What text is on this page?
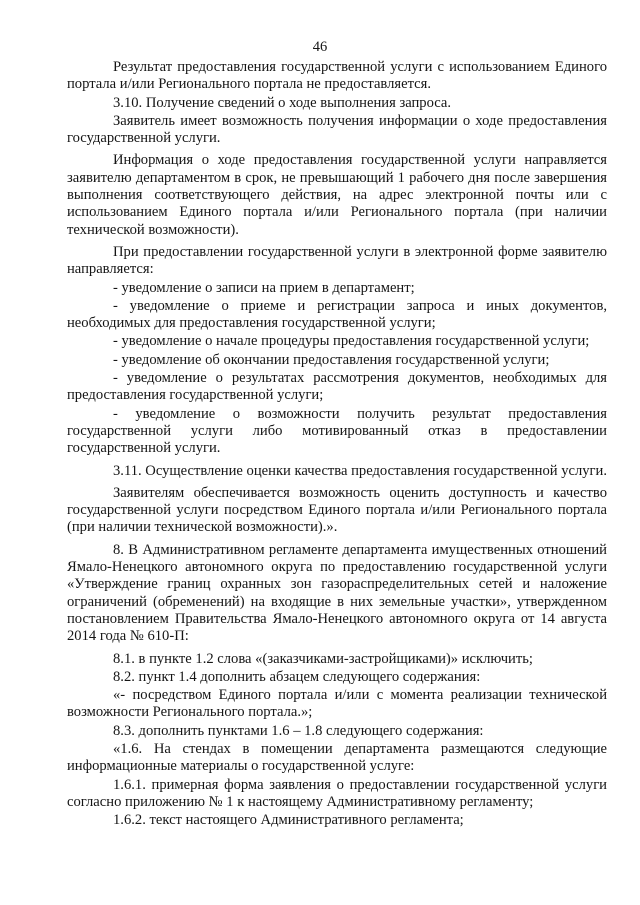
46

Результат предоставления государственной услуги с использованием Единого портала и/или Регионального портала не предоставляется.

3.10. Получение сведений о ходе выполнения запроса.

Заявитель имеет возможность получения информации о ходе предоставления государственной услуги.

Информация о ходе предоставления государственной услуги направляется заявителю департаментом в срок, не превышающий 1 рабочего дня после завершения выполнения соответствующего действия, на адрес электронной почты или с использованием Единого портала и/или Регионального портала (при наличии технической возможности).

При предоставлении государственной услуги в электронной форме заявителю направляется:

- уведомление о записи на прием в департамент;

- уведомление о приеме и регистрации запроса и иных документов, необходимых для предоставления государственной услуги;

- уведомление о начале процедуры предоставления государственной услуги;

- уведомление об окончании предоставления государственной услуги;

- уведомление о результатах рассмотрения документов, необходимых для предоставления государственной услуги;

- уведомление о возможности получить результат предоставления государственной услуги либо мотивированный отказ в предоставлении государственной услуги.

3.11. Осуществление оценки качества предоставления государственной услуги.

Заявителям обеспечивается возможность оценить доступность и качество государственной услуги посредством Единого портала и/или Регионального портала (при наличии технической возможности).».

8. В Административном регламенте департамента имущественных отношений Ямало-Ненецкого автономного округа по предоставлению государственной услуги «Утверждение границ охранных зон газораспределительных сетей и наложение ограничений (обременений) на входящие в них земельные участки», утвержденном постановлением Правительства Ямало-Ненецкого автономного округа от 14 августа 2014 года № 610-П:

8.1. в пункте 1.2 слова «(заказчиками-застройщиками)» исключить;

8.2. пункт 1.4 дополнить абзацем следующего содержания:

«- посредством Единого портала и/или с момента реализации технической возможности Регионального портала.»;

8.3. дополнить пунктами 1.6 – 1.8 следующего содержания:

«1.6. На стендах в помещении департамента размещаются следующие информационные материалы о государственной услуге:

1.6.1. примерная форма заявления о предоставлении государственной услуги согласно приложению № 1 к настоящему Административному регламенту;

1.6.2. текст настоящего Административного регламента;
